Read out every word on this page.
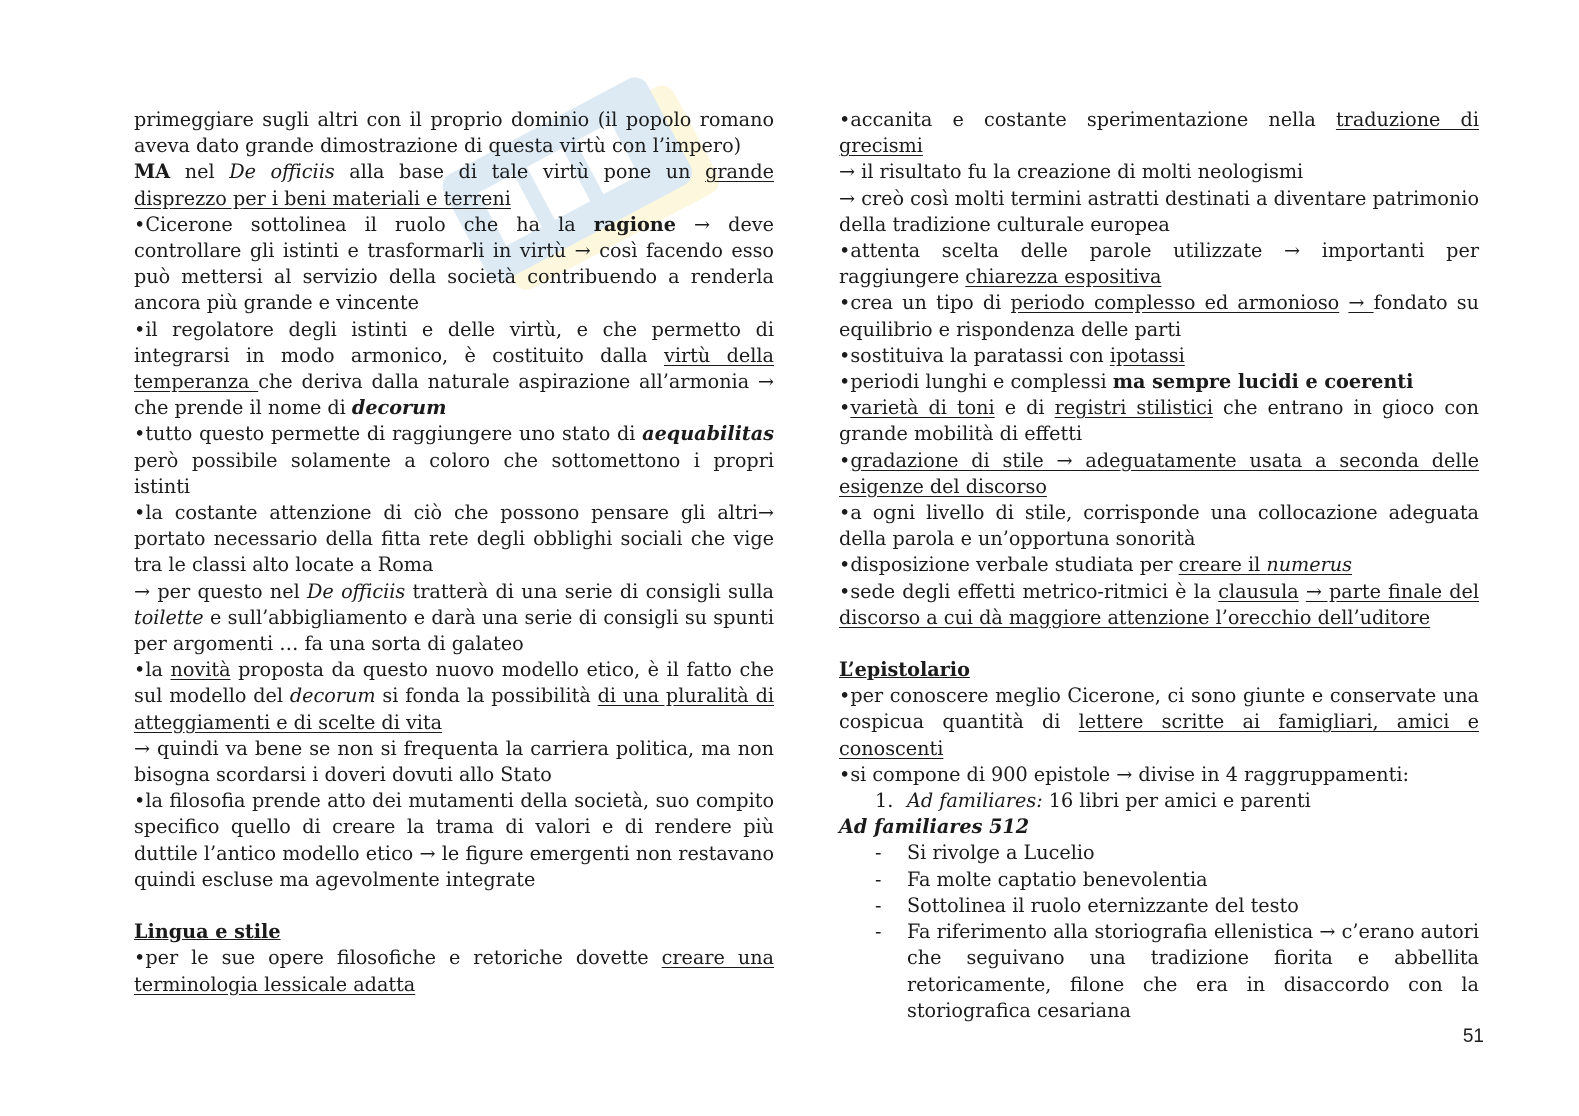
primeggiare sugli altri con il proprio dominio (il popolo romano aveva dato grande dimostrazione di questa virtù con l’impero)

MA nel De officiis alla base di tale virtù pone un grande disprezzo per i beni materiali e terreni

•Cicerone sottolinea il ruolo che ha la ragione → deve controllare gli istinti e trasformarli in virtù → così facendo esso può mettersi al servizio della società contribuendo a renderla ancora più grande e vincente

•il regolatore degli istinti e delle virtù, e che permetto di integrarsi in modo armonico, è costituito dalla virtù della temperanza che deriva dalla naturale aspirazione all’armonia → che prende il nome di decorum

•tutto questo permette di raggiungere uno stato di aequabilitas però possibile solamente a coloro che sottomettono i propri istinti

•la costante attenzione di ciò che possono pensare gli altri→ portato necessario della fitta rete degli obblighi sociali che vige tra le classi alto locate a Roma

→ per questo nel De officiis tratterà di una serie di consigli sulla toilette e sull’abbigliamento e darà una serie di consigli su spunti per argomenti … fa una sorta di galateo

•la novità proposta da questo nuovo modello etico, è il fatto che sul modello del decorum si fonda la possibilità di una pluralità di atteggiamenti e di scelte di vita

→ quindi va bene se non si frequenta la carriera politica, ma non bisogna scordarsi i doveri dovuti allo Stato

•la filosofia prende atto dei mutamenti della società, suo compito specifico quello di creare la trama di valori e di rendere più duttile l’antico modello etico → le figure emergenti non restavano quindi escluse ma agevolmente integrate

Lingua e stile

•per le sue opere filosofiche e retoriche dovette creare una terminologia lessicale adatta

•accanita e costante sperimentazione nella traduzione di grecismi

→ il risultato fu la creazione di molti neologismi

→ creò così molti termini astratti destinati a diventare patrimonio della tradizione culturale europea

•attenta scelta delle parole utilizzate → importanti per raggiungere chiarezza espositiva

•crea un tipo di periodo complesso ed armonioso → fondato su equilibrio e rispondenza delle parti

•sostituiva la paratassi con ipotassi

•periodi lunghi e complessi ma sempre lucidi e coerenti

•varietà di toni e di registri stilistici che entrano in gioco con grande mobilità di effetti

•gradazione di stile → adeguatamente usata a seconda delle esigenze del discorso

•a ogni livello di stile, corrisponde una collocazione adeguata della parola e un’opportuna sonorità

•disposizione verbale studiata per creare il numerus

•sede degli effetti metrico-ritmici è la clausula → parte finale del discorso a cui dà maggiore attenzione l’orecchio dell’uditore

L’epistolario

•per conoscere meglio Cicerone, ci sono giunte e conservate una cospicua quantità di lettere scritte ai famigliari, amici e conoscenti

•si compone di 900 epistole → divise in 4 raggruppamenti:

1. Ad familiares: 16 libri per amici e parenti

Ad familiares 512

-	Si rivolge a Lucelio
-	Fa molte captatio benevolentia
-	Sottolinea il ruolo eternizzante del testo
-	Fa riferimento alla storiografia ellenistica → c’erano autori che seguivano una tradizione fiorita e abbellita retoricamente, filone che era in disaccordo con la storiografica cesariana
51
